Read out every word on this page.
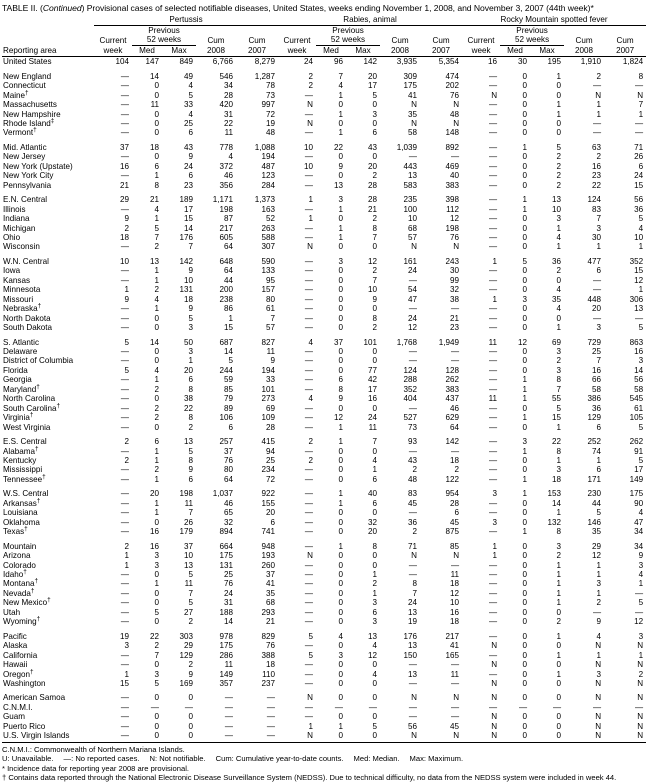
TABLE II. (Continued) Provisional cases of selected notifiable diseases, United States, weeks ending November 1, 2008, and November 3, 2007 (44th week)*
	Pertussis					Rabies, animal					Rocky Mountain spotted fever				
		Previous					Previous					Previous			
	Current	52 weeks		Cum	Cum	Current	52 weeks		Cum	Cum	Current	52 weeks		Cum	Cum
Reporting area	week	Med	Max	2008	2007	week	Med	Max	2008	2007	week	Med	Max	2008	2007
United States	104	147	849	6,766	8,279	24	96	142	3,935	5,354	16	30	195	1,910	1,824

New England	—	14	49	546	1,287	2	7	20	309	474	—	0	1	2	8
Connecticut	—	0	4	34	78	2	4	17	175	202	—	0	0	—	—
Maine†	—	0	5	28	73	—	1	5	41	76	N	0	0	N	N
Massachusetts	—	11	33	420	997	N	0	0	N	N	—	0	1	1	7
New Hampshire	—	0	4	31	72	—	1	3	35	48	—	0	1	1	1
Rhode Island‡	—	0	25	22	19	N	0	0	N	N	—	0	0	—	—
Vermont†	—	0	6	11	48	—	1	6	58	148	—	0	0	—	—

Mid. Atlantic	37	18	43	778	1,088	10	22	43	1,039	892	—	1	5	63	71
New Jersey	—	0	9	4	194	—	0	0	—	—	—	0	2	2	26
New York (Upstate)	16	6	24	372	487	10	9	20	443	469	—	0	2	16	6
New York City	—	1	6	46	123	—	0	2	13	40	—	0	2	23	24
Pennsylvania	21	8	23	356	284	—	13	28	583	383	—	0	2	22	15

E.N. Central	29	21	189	1,171	1,373	1	3	28	235	398	—	1	13	124	56
Illinois	—	4	17	198	163	—	1	21	100	112	—	1	10	83	36
Indiana	9	1	15	87	52	1	0	2	10	12	—	0	3	7	5
Michigan	2	5	14	217	263	—	1	8	68	198	—	0	1	3	4
Ohio	18	7	176	605	588	—	1	7	57	76	—	0	4	30	10
Wisconsin	—	2	7	64	307	N	0	0	N	N	—	0	1	1	1

W.N. Central	10	13	142	648	590	—	3	12	161	243	1	5	36	477	352
Iowa	—	1	9	64	133	—	0	2	24	30	—	0	2	6	15
Kansas	—	1	10	44	95	—	0	7	—	99	—	0	0	—	12
Minnesota	1	2	131	200	157	—	0	10	54	32	—	0	4	—	1
Missouri	9	4	18	238	80	—	0	9	47	38	1	3	35	448	306
Nebraska†	—	1	9	86	61	—	0	0	—	—	—	0	4	20	13
North Dakota	—	0	5	1	7	—	0	8	24	21	—	0	0	—	—
South Dakota	—	0	3	15	57	—	0	2	12	23	—	0	1	3	5

S. Atlantic	5	14	50	687	827	4	37	101	1,768	1,949	11	12	69	729	863
Delaware	—	0	3	14	11	—	0	0	—	—	—	0	3	25	16
District of Columbia	—	0	1	5	9	—	0	0	—	—	—	0	2	7	3
Florida	5	4	20	244	194	—	0	77	124	128	—	0	3	16	14
Georgia	—	1	6	59	33	—	6	42	288	262	—	1	8	66	56
Maryland†	—	2	8	85	101	—	8	17	352	383	—	1	7	58	58
North Carolina	—	0	38	79	273	4	9	16	404	437	11	1	55	386	545
South Carolina†	—	2	22	89	69	—	0	0	—	46	—	0	5	36	61
Virginia†	—	2	8	106	109	—	12	24	527	629	—	1	15	129	105
West Virginia	—	0	2	6	28	—	1	11	73	64	—	0	1	6	5

E.S. Central	2	6	13	257	415	2	1	7	93	142	—	3	22	252	262
Alabama†	—	1	5	37	94	—	0	0	—	—	—	1	8	74	91
Kentucky	2	1	8	76	25	2	0	4	43	18	—	0	1	1	5
Mississippi	—	2	9	80	234	—	0	1	2	2	—	0	3	6	17
Tennessee†	—	1	6	64	72	—	0	6	48	122	—	1	18	171	149

W.S. Central	—	20	198	1,037	922	—	1	40	83	954	3	1	153	230	175
Arkansas†	—	1	11	46	155	—	1	6	45	28	—	0	14	44	90
Louisiana	—	1	7	65	20	—	0	0	—	6	—	0	1	5	4
Oklahoma	—	0	26	32	6	—	0	32	36	45	3	0	132	146	47
Texas†	—	16	179	894	741	—	0	20	2	875	—	1	8	35	34

Mountain	2	16	37	664	948	—	1	8	71	85	1	0	3	29	34
Arizona	1	3	10	175	193	N	0	0	N	N	1	0	2	12	9
Colorado	1	3	13	131	260	—	0	0	—	—	—	0	1	1	3
Idaho†	—	0	5	25	37	—	0	1	—	11	—	0	1	1	4
Montana†	—	1	11	76	41	—	0	2	8	18	—	0	1	3	1
Nevada†	—	0	7	24	35	—	0	1	7	12	—	0	1	1	—
New Mexico†	—	0	5	31	68	—	0	3	24	10	—	0	1	2	5
Utah	—	5	27	188	293	—	0	6	13	16	—	0	0	—	—
Wyoming†	—	0	2	14	21	—	0	3	19	18	—	0	2	9	12

Pacific	19	22	303	978	829	5	4	13	176	217	—	0	1	4	3
Alaska	3	2	29	175	76	—	0	4	13	41	N	0	0	N	N
California	—	7	129	286	388	5	3	12	150	165	—	0	1	1	1
Hawaii	—	0	2	11	18	—	0	0	—	—	N	0	0	N	N
Oregon†	1	3	9	149	110	—	0	4	13	11	—	0	1	3	2
Washington	15	5	169	357	237	—	0	0	—	—	N	0	0	N	N

American Samoa	—	0	0	—	—	N	0	0	N	N	N	0	0	N	N
C.N.M.I.	—	—	—	—	—	—	—	—	—	—	—	—	—	—	—
Guam	—	0	0	—	—	—	0	0	—	—	N	0	0	N	N
Puerto Rico	—	0	0	—	—	1	1	5	56	45	N	0	0	N	N
U.S. Virgin Islands	—	0	0	—	—	N	0	0	N	N	N	0	0	N	N
C.N.M.I.: Commonwealth of Northern Mariana Islands.
U: Unavailable. —: No reported cases. N: Not notifiable. Cum: Cumulative year-to-date counts. Med: Median. Max: Maximum.
* Incidence data for reporting year 2008 are provisional.
† Contains data reported through the National Electronic Disease Surveillance System (NEDSS). Due to technical difficulty, no data from the NEDSS system were included in week 44.
